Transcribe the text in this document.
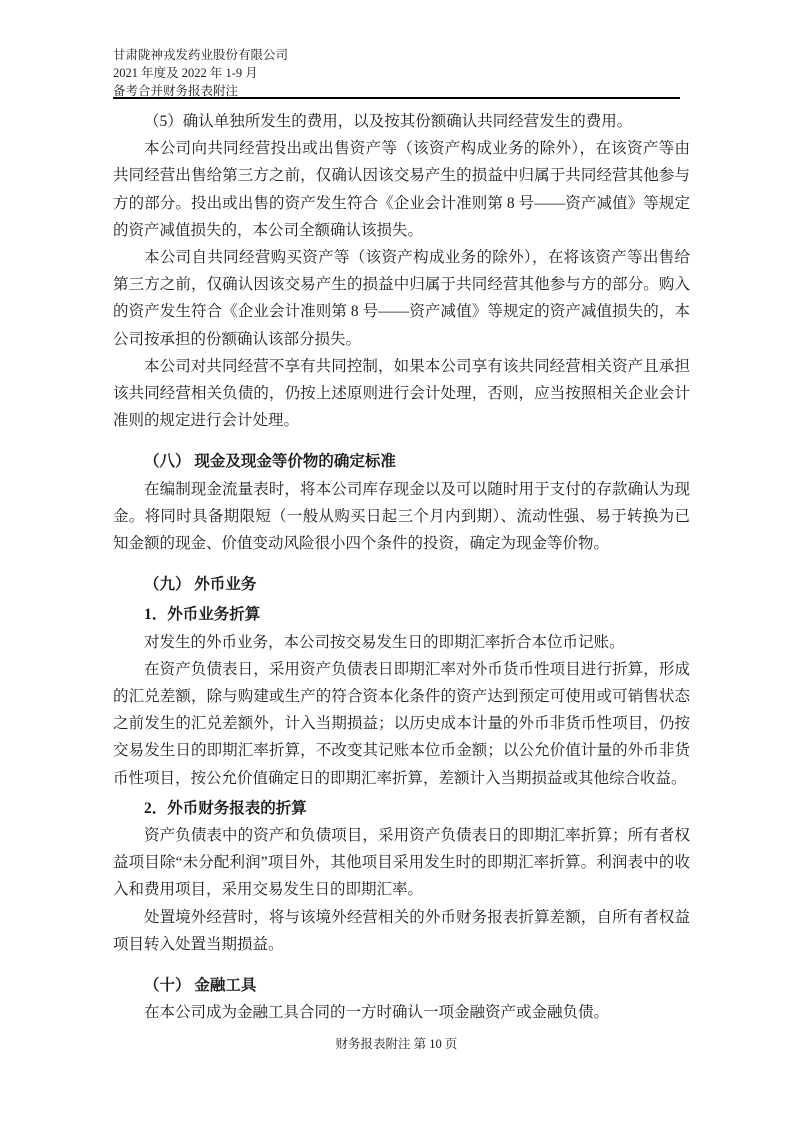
甘肃陇神戎发药业股份有限公司
2021 年度及 2022 年 1-9 月
备考合并财务报表附注

（5）确认单独所发生的费用，以及按其份额确认共同经营发生的费用。

本公司向共同经营投出或出售资产等（该资产构成业务的除外），在该资产等由共同经营出售给第三方之前，仅确认因该交易产生的损益中归属于共同经营其他参与方的部分。投出或出售的资产发生符合《企业会计准则第 8 号——资产减值》等规定的资产减值损失的，本公司全额确认该损失。

本公司自共同经营购买资产等（该资产构成业务的除外），在将该资产等出售给第三方之前，仅确认因该交易产生的损益中归属于共同经营其他参与方的部分。购入的资产发生符合《企业会计准则第 8 号——资产减值》等规定的资产减值损失的，本公司按承担的份额确认该部分损失。

本公司对共同经营不享有共同控制，如果本公司享有该共同经营相关资产且承担该共同经营相关负债的，仍按上述原则进行会计处理，否则，应当按照相关企业会计准则的规定进行会计处理。

（八） 现金及现金等价物的确定标准

在编制现金流量表时，将本公司库存现金以及可以随时用于支付的存款确认为现金。将同时具备期限短（一般从购买日起三个月内到期）、流动性强、易于转换为已知金额的现金、价值变动风险很小四个条件的投资，确定为现金等价物。

（九） 外币业务

1．外币业务折算

对发生的外币业务，本公司按交易发生日的即期汇率折合本位币记账。

在资产负债表日，采用资产负债表日即期汇率对外币货币性项目进行折算，形成的汇兑差额，除与购建或生产的符合资本化条件的资产达到预定可使用或可销售状态之前发生的汇兑差额外，计入当期损益；以历史成本计量的外币非货币性项目，仍按交易发生日的即期汇率折算，不改变其记账本位币金额；以公允价值计量的外币非货币性项目，按公允价值确定日的即期汇率折算，差额计入当期损益或其他综合收益。

2．外币财务报表的折算

资产负债表中的资产和负债项目，采用资产负债表日的即期汇率折算；所有者权益项目除“未分配利润”项目外，其他项目采用发生时的即期汇率折算。利润表中的收入和费用项目，采用交易发生日的即期汇率。

处置境外经营时，将与该境外经营相关的外币财务报表折算差额，自所有者权益项目转入处置当期损益。

（十） 金融工具

在本公司成为金融工具合同的一方时确认一项金融资产或金融负债。

财务报表附注 第 10 页
